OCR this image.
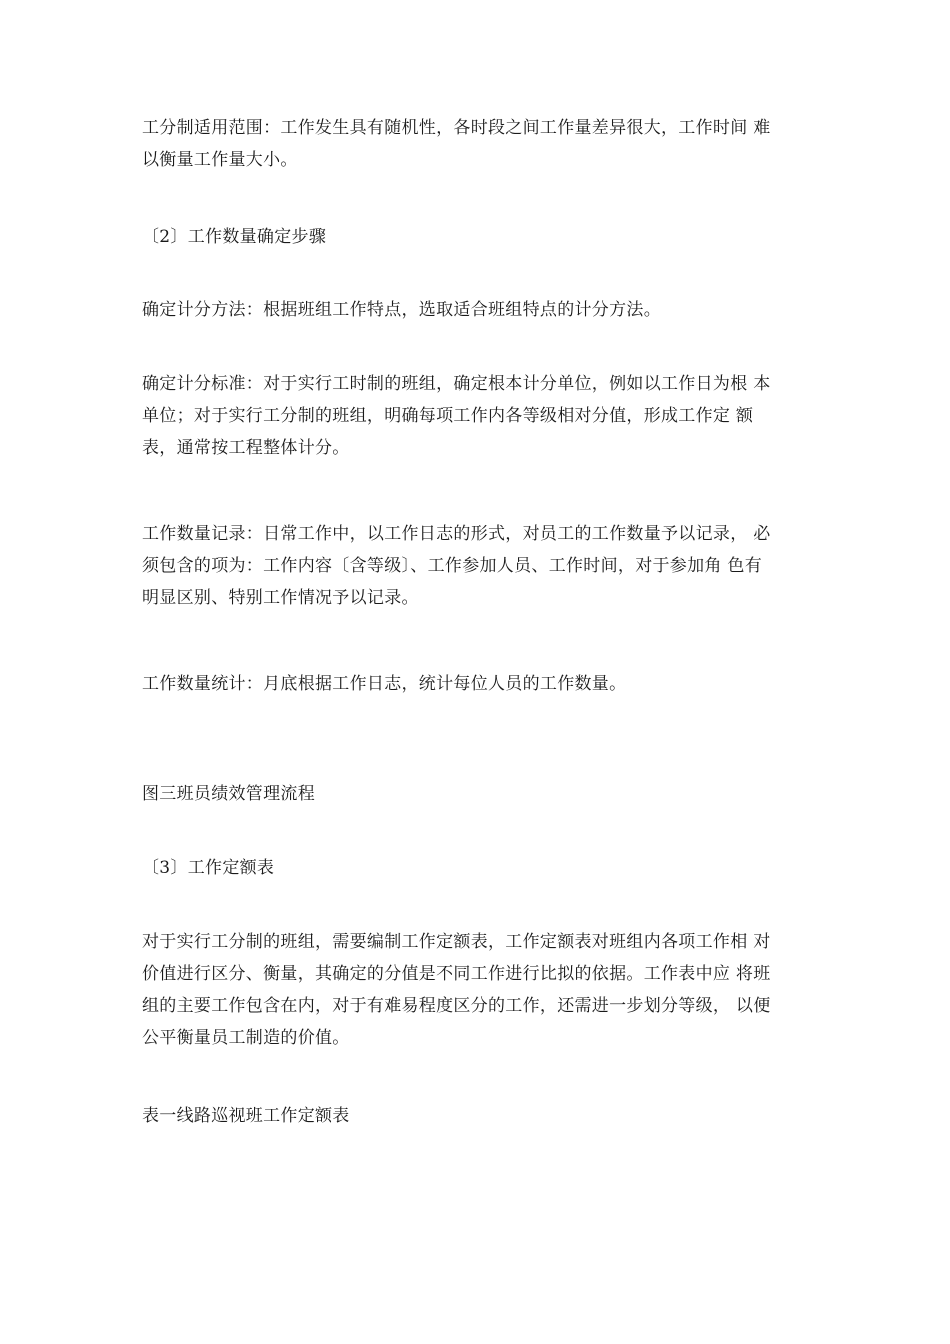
工分制适用范围：工作发生具有随机性，各时段之间工作量差异很大，工作时间 难
以衡量工作量大小。
〔2〕工作数量确定步骤
确定计分方法：根据班组工作特点，选取适合班组特点的计分方法。
确定计分标准：对于实行工时制的班组，确定根本计分单位，例如以工作日为根 本
单位；对于实行工分制的班组，明确每项工作内各等级相对分值，形成工作定 额
表，通常按工程整体计分。
工作数量记录：日常工作中，以工作日志的形式，对员工的工作数量予以记录， 必
须包含的项为：工作内容〔含等级〕、工作参加人员、工作时间，对于参加角 色有
明显区别、特别工作情况予以记录。
工作数量统计：月底根据工作日志，统计每位人员的工作数量。
图三班员绩效管理流程
〔3〕工作定额表
对于实行工分制的班组，需要编制工作定额表，工作定额表对班组内各项工作相 对
价值进行区分、衡量，其确定的分值是不同工作进行比拟的依据。工作表中应 将班
组的主要工作包含在内，对于有难易程度区分的工作，还需进一步划分等级， 以便
公平衡量员工制造的价值。
表一线路巡视班工作定额表
